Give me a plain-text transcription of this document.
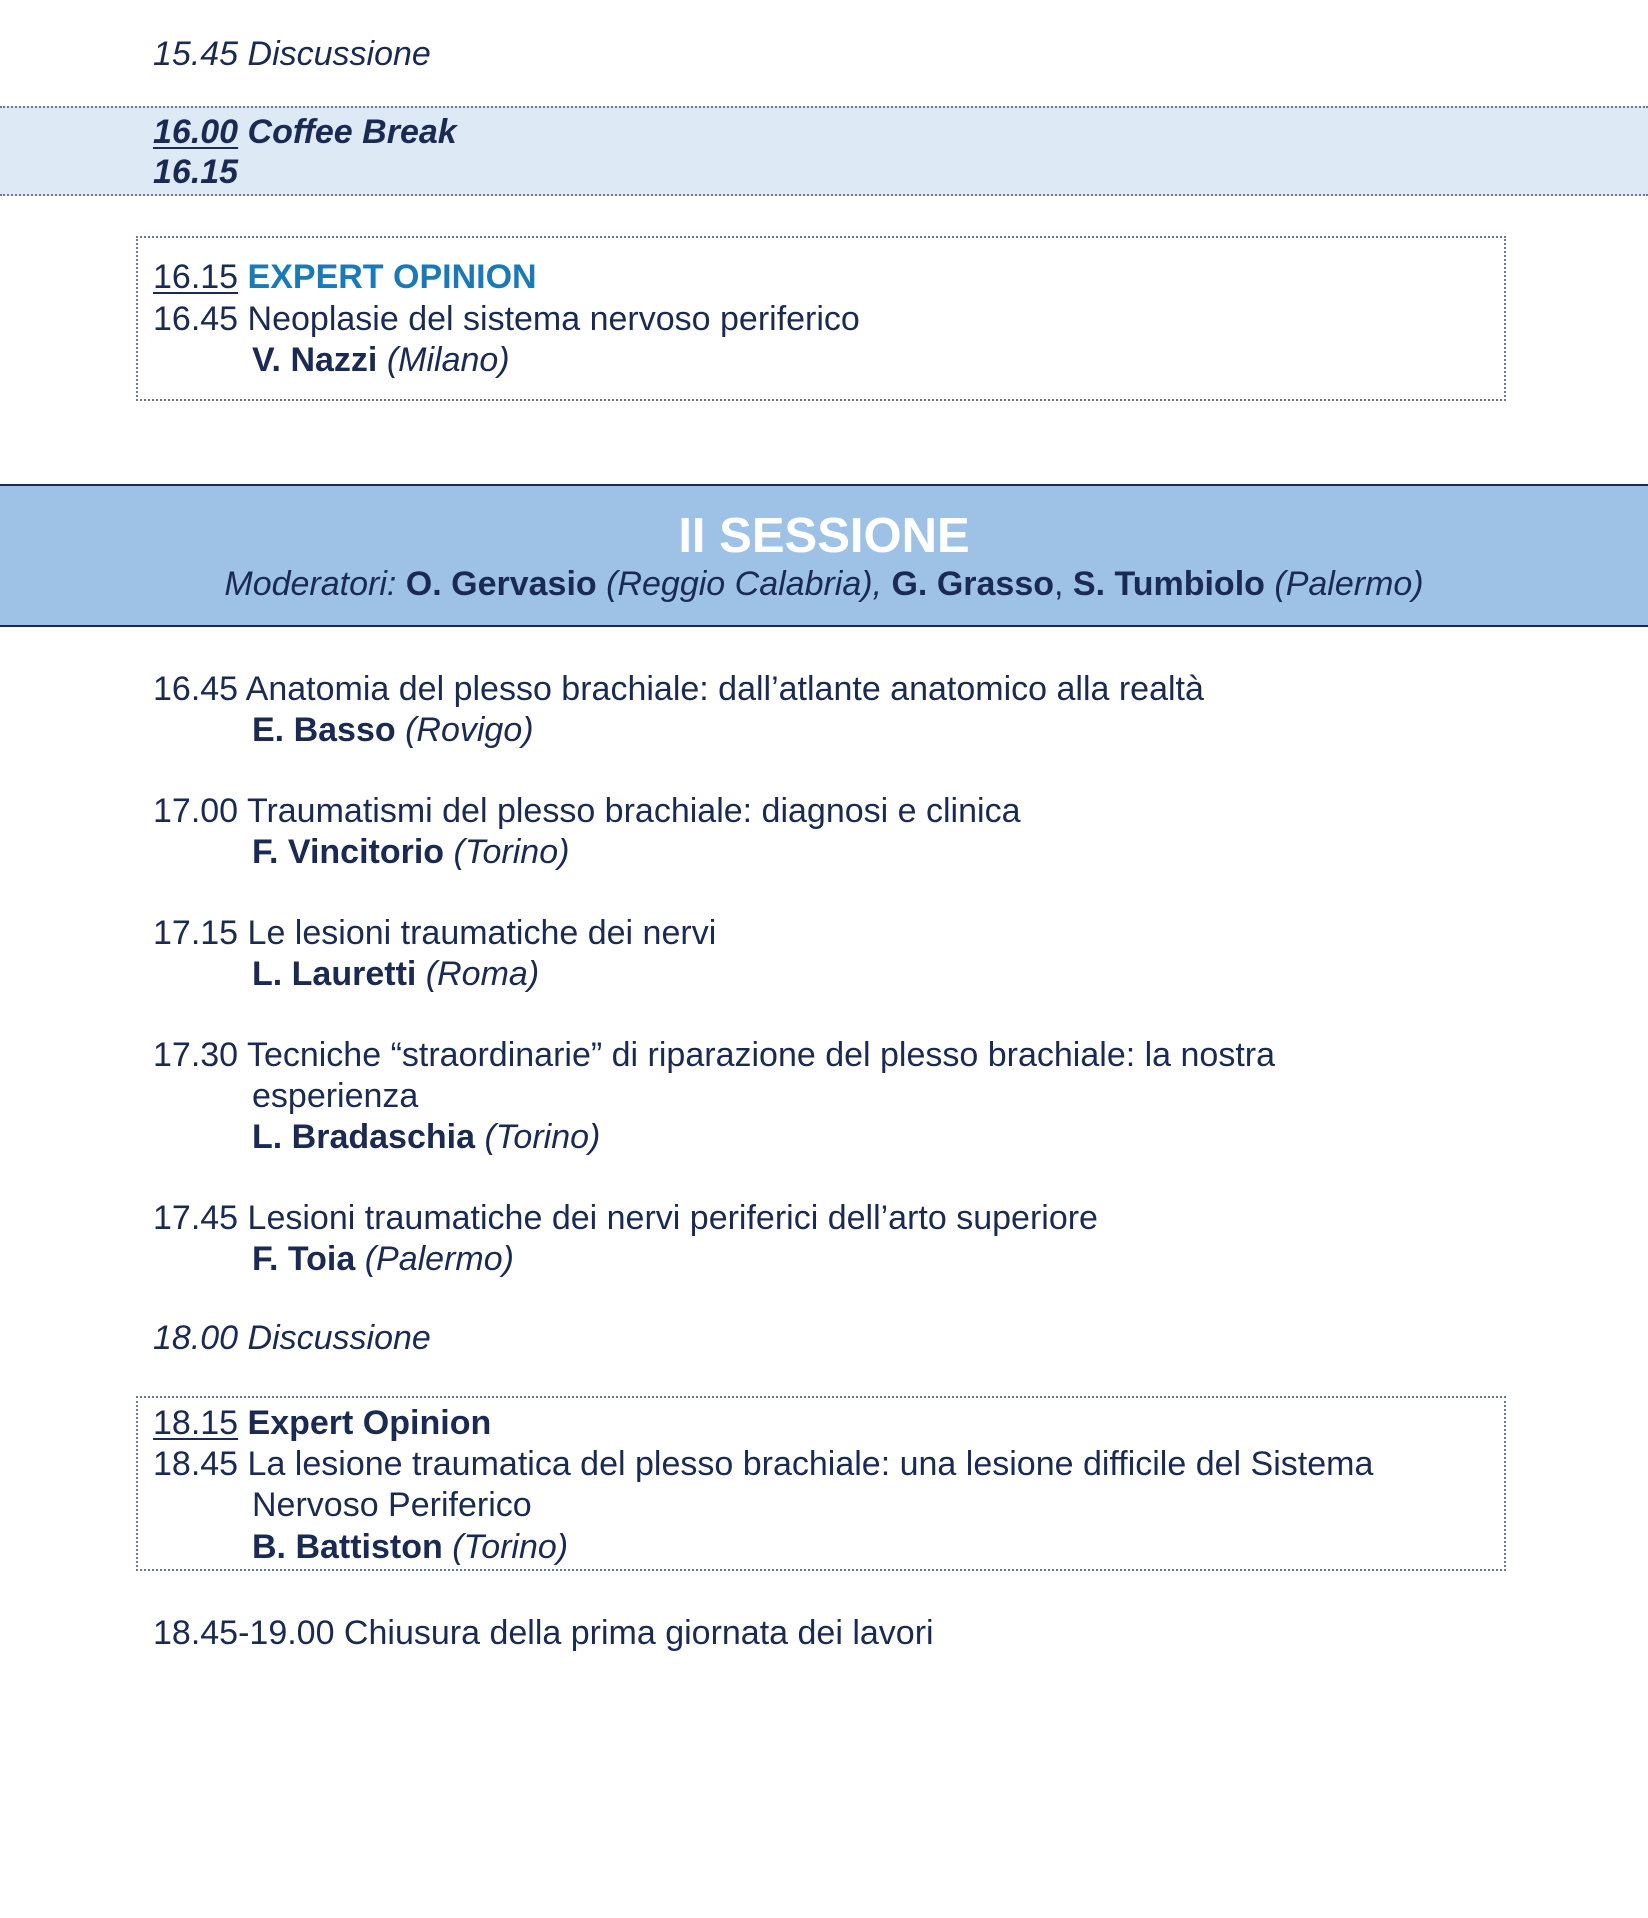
15.45 Discussione
16.00 Coffee Break
16.15
16.15 EXPERT OPINION
16.45 Neoplasie del sistema nervoso periferico
V. Nazzi (Milano)
II SESSIONE
Moderatori: O. Gervasio (Reggio Calabria), G. Grasso, S. Tumbiolo (Palermo)
16.45 Anatomia del plesso brachiale: dall’atlante anatomico alla realtà
E. Basso (Rovigo)
17.00 Traumatismi del plesso brachiale: diagnosi e clinica
F. Vincitorio (Torino)
17.15 Le lesioni traumatiche dei nervi
L. Lauretti (Roma)
17.30 Tecniche “straordinarie” di riparazione del plesso brachiale: la nostra
esperienza
L. Bradaschia (Torino)
17.45 Lesioni traumatiche dei nervi periferici dell’arto superiore
F. Toia (Palermo)
18.00 Discussione
18.15 Expert Opinion
18.45 La lesione traumatica del plesso brachiale: una lesione difficile del Sistema
Nervoso Periferico
B. Battiston (Torino)
18.45-19.00 Chiusura della prima giornata dei lavori
